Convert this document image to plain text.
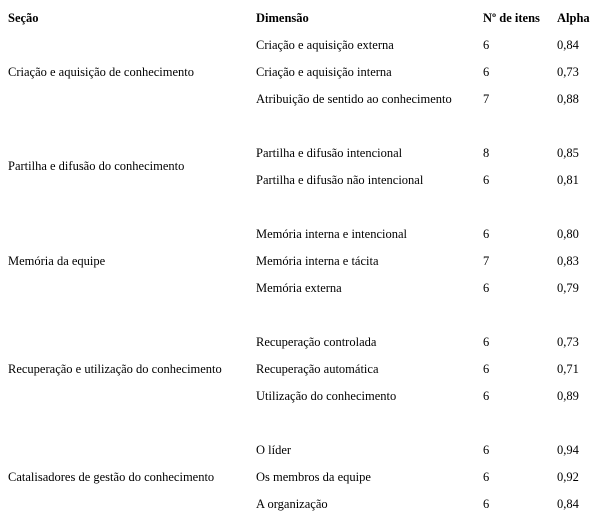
Seção	Dimensão	Nº de itens Alpha
Criação e aquisição de conhecimento
Criação e aquisição externa	6	0,84
Criação e aquisição interna	6	0,73
Atribuição de sentido ao conhecimento 7	0,88
Partilha e difusão do conhecimento
Partilha e difusão intencional	8	0,85
Partilha e difusão não intencional	6	0,81
Memória da equipe
Memória interna e intencional	6	0,80
Memória interna e tácita	7	0,83
Memória externa	6	0,79
Recuperação e utilização do conhecimento
Recuperação controlada	6	0,73
Recuperação automática	6	0,71
Utilização do conhecimento	6	0,89
Catalisadores de gestão do conhecimento
O líder	6	0,94
Os membros da equipe	6	0,92
A organização	6	0,84
